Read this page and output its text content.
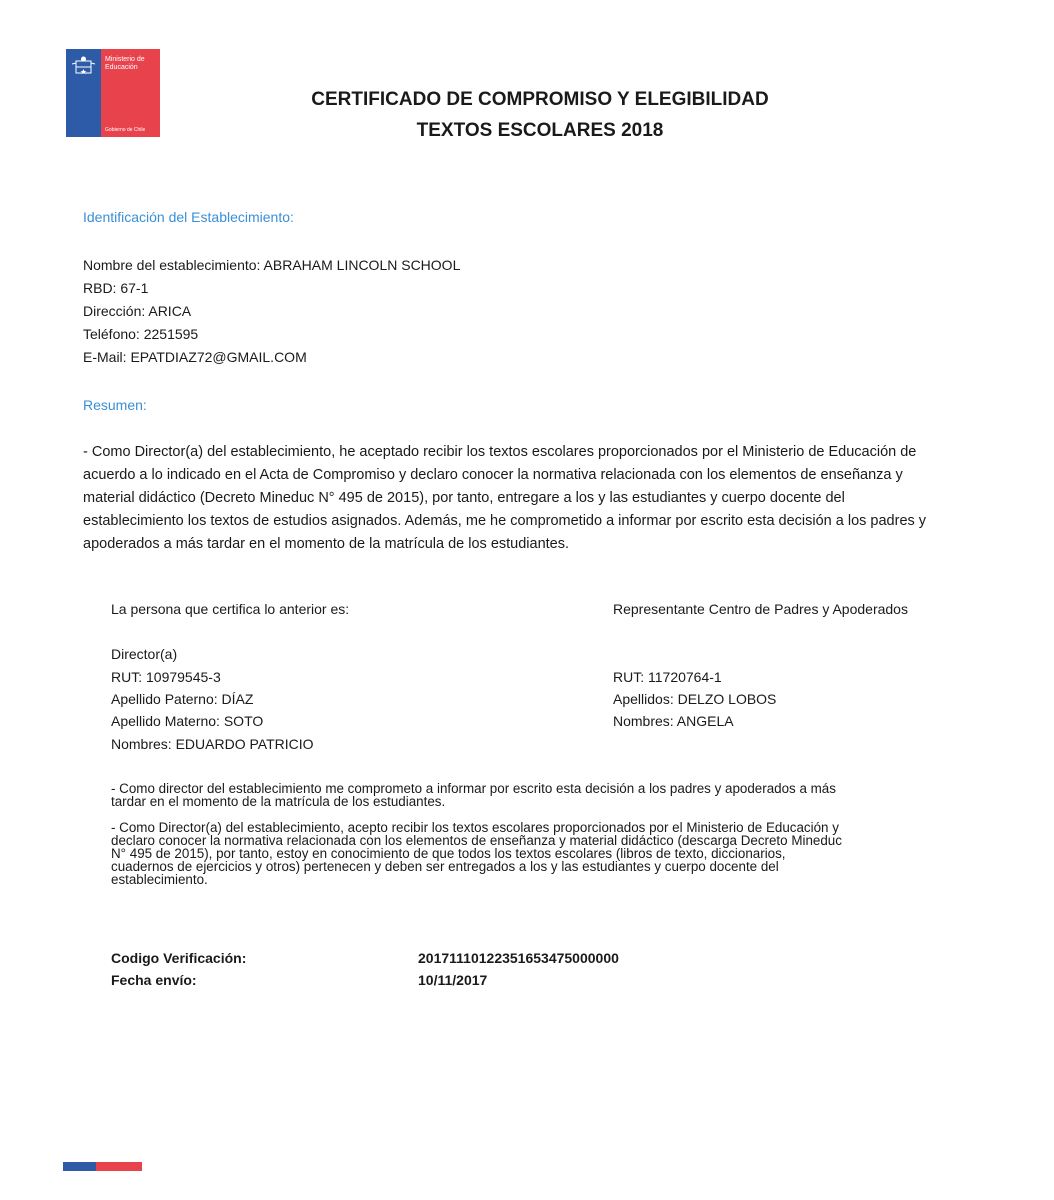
Ministerio de
Educación
Gobierno de Chile
CERTIFICADO DE COMPROMISO Y ELEGIBILIDAD
TEXTOS ESCOLARES 2018
Identificación del Establecimiento:
Nombre del establecimiento: ABRAHAM LINCOLN SCHOOL
RBD: 67-1
Dirección: ARICA
Teléfono: 2251595
E-Mail: EPATDIAZ72@GMAIL.COM
Resumen:
- Como Director(a) del establecimiento, he aceptado recibir los textos escolares proporcionados por el Ministerio de Educación de
acuerdo a lo indicado en el Acta de Compromiso y declaro conocer la normativa relacionada con los elementos de enseñanza y
material didáctico (Decreto Mineduc N° 495 de 2015), por tanto, entregare a los y las estudiantes y cuerpo docente del
establecimiento los textos de estudios asignados. Además, me he comprometido a informar por escrito esta decisión a los padres y
apoderados a más tardar en el momento de la matrícula de los estudiantes.
La persona que certifica lo anterior es:
Director(a)
RUT: 10979545-3
Apellido Paterno: DÍAZ
Apellido Materno: SOTO
Nombres: EDUARDO PATRICIO
Representante Centro de Padres y Apoderados
RUT: 11720764-1
Apellidos: DELZO LOBOS
Nombres: ANGELA
- Como director del establecimiento me comprometo a informar por escrito esta decisión a los padres y apoderados a más
tardar en el momento de la matrícula de los estudiantes.
- Como Director(a) del establecimiento, acepto recibir los textos escolares proporcionados por el Ministerio de Educación y
declaro conocer la normativa relacionada con los elementos de enseñanza y material didáctico (descarga Decreto Mineduc
N° 495 de 2015), por tanto, estoy en conocimiento de que todos los textos escolares (libros de texto, diccionarios,
cuadernos de ejercicios y otros) pertenecen y deben ser entregados a los y las estudiantes y cuerpo docente del
establecimiento.
Codigo Verificación:	20171110122351653475000000
Fecha envío:	10/11/2017
